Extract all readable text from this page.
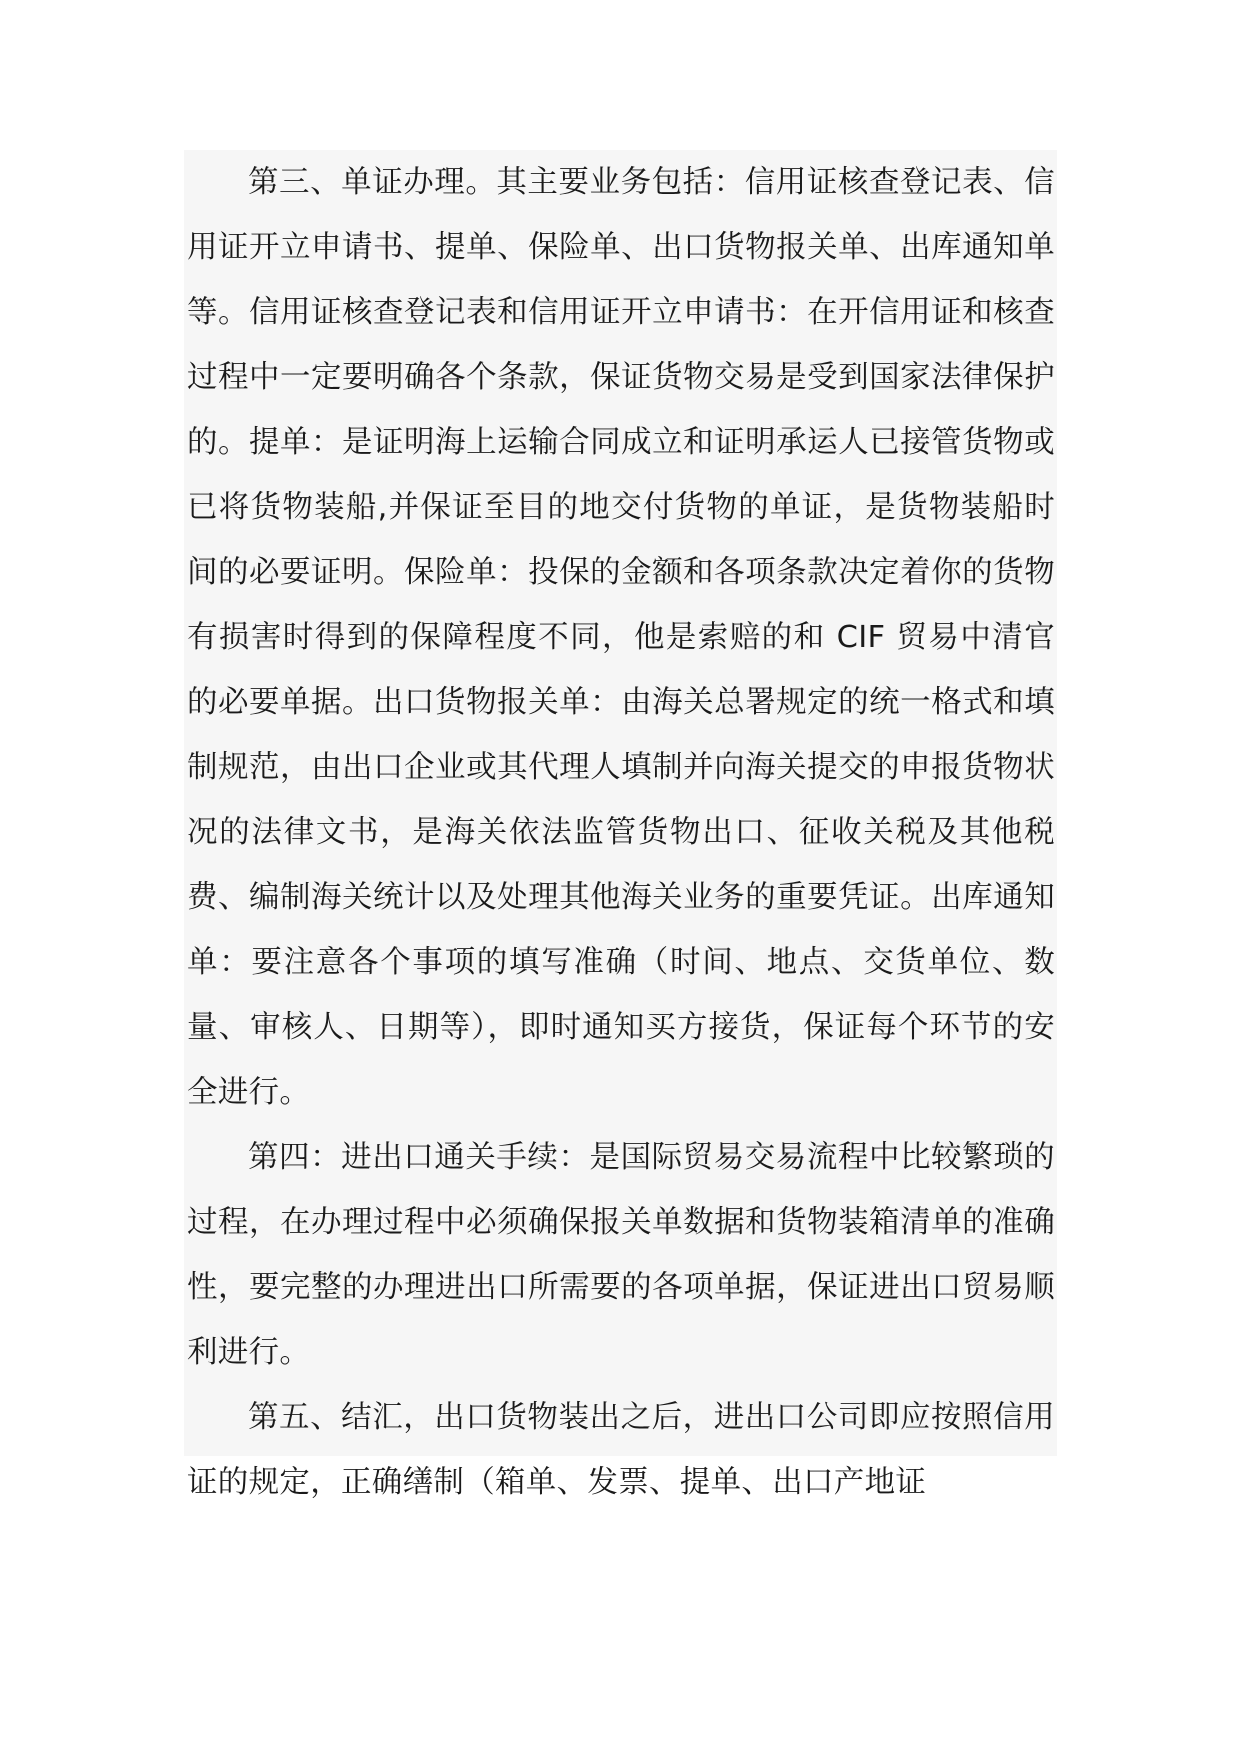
第三、单证办理。其主要业务包括：信用证核查登记表、信用证开立申请书、提单、保险单、出口货物报关单、出库通知单等。信用证核查登记表和信用证开立申请书：在开信用证和核查过程中一定要明确各个条款，保证货物交易是受到国家法律保护的。提单：是证明海上运输合同成立和证明承运人已接管货物或已将货物装船,并保证至目的地交付货物的单证，是货物装船时间的必要证明。保险单：投保的金额和各项条款决定着你的货物有损害时得到的保障程度不同，他是索赔的和 CIF 贸易中清官的必要单据。出口货物报关单：由海关总署规定的统一格式和填制规范，由出口企业或其代理人填制并向海关提交的申报货物状况的法律文书，是海关依法监管货物出口、征收关税及其他税费、编制海关统计以及处理其他海关业务的重要凭证。出库通知单：要注意各个事项的填写准确（时间、地点、交货单位、数量、审核人、日期等），即时通知买方接货，保证每个环节的安全进行。

第四：进出口通关手续：是国际贸易交易流程中比较繁琐的过程，在办理过程中必须确保报关单数据和货物装箱清单的准确性，要完整的办理进出口所需要的各项单据，保证进出口贸易顺利进行。

第五、结汇，出口货物装出之后，进出口公司即应按照信用证的规定，正确缮制（箱单、发票、提单、出口产地证
